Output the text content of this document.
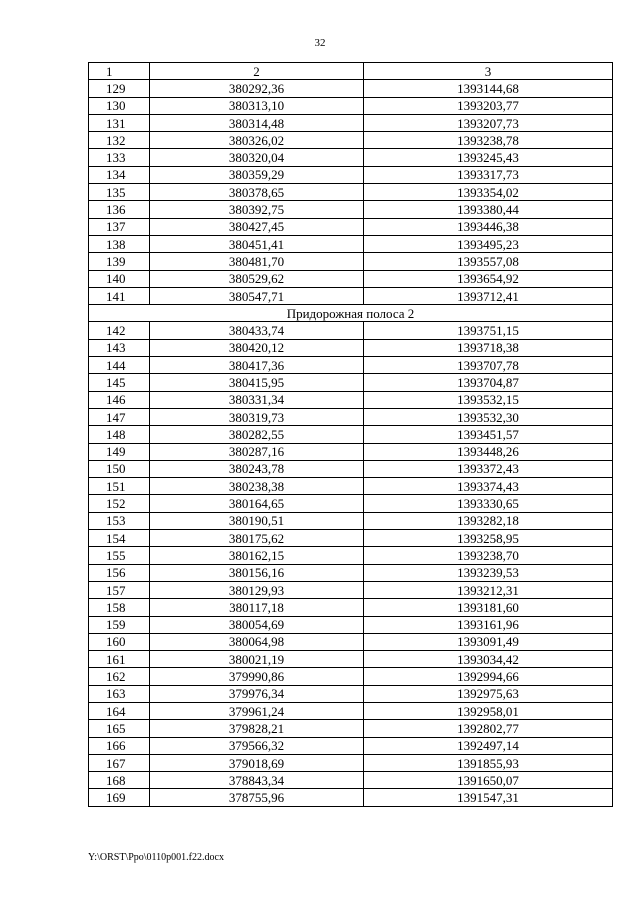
32
1	2	3
129	380292,36	1393144,68
130	380313,10	1393203,77
131	380314,48	1393207,73
132	380326,02	1393238,78
133	380320,04	1393245,43
134	380359,29	1393317,73
135	380378,65	1393354,02
136	380392,75	1393380,44
137	380427,45	1393446,38
138	380451,41	1393495,23
139	380481,70	1393557,08
140	380529,62	1393654,92
141	380547,71	1393712,41
Придорожная полоса 2		
142	380433,74	1393751,15
143	380420,12	1393718,38
144	380417,36	1393707,78
145	380415,95	1393704,87
146	380331,34	1393532,15
147	380319,73	1393532,30
148	380282,55	1393451,57
149	380287,16	1393448,26
150	380243,78	1393372,43
151	380238,38	1393374,43
152	380164,65	1393330,65
153	380190,51	1393282,18
154	380175,62	1393258,95
155	380162,15	1393238,70
156	380156,16	1393239,53
157	380129,93	1393212,31
158	380117,18	1393181,60
159	380054,69	1393161,96
160	380064,98	1393091,49
161	380021,19	1393034,42
162	379990,86	1392994,66
163	379976,34	1392975,63
164	379961,24	1392958,01
165	379828,21	1392802,77
166	379566,32	1392497,14
167	379018,69	1391855,93
168	378843,34	1391650,07
169	378755,96	1391547,31
Y:\ORST\Ppo\0110p001.f22.docx
